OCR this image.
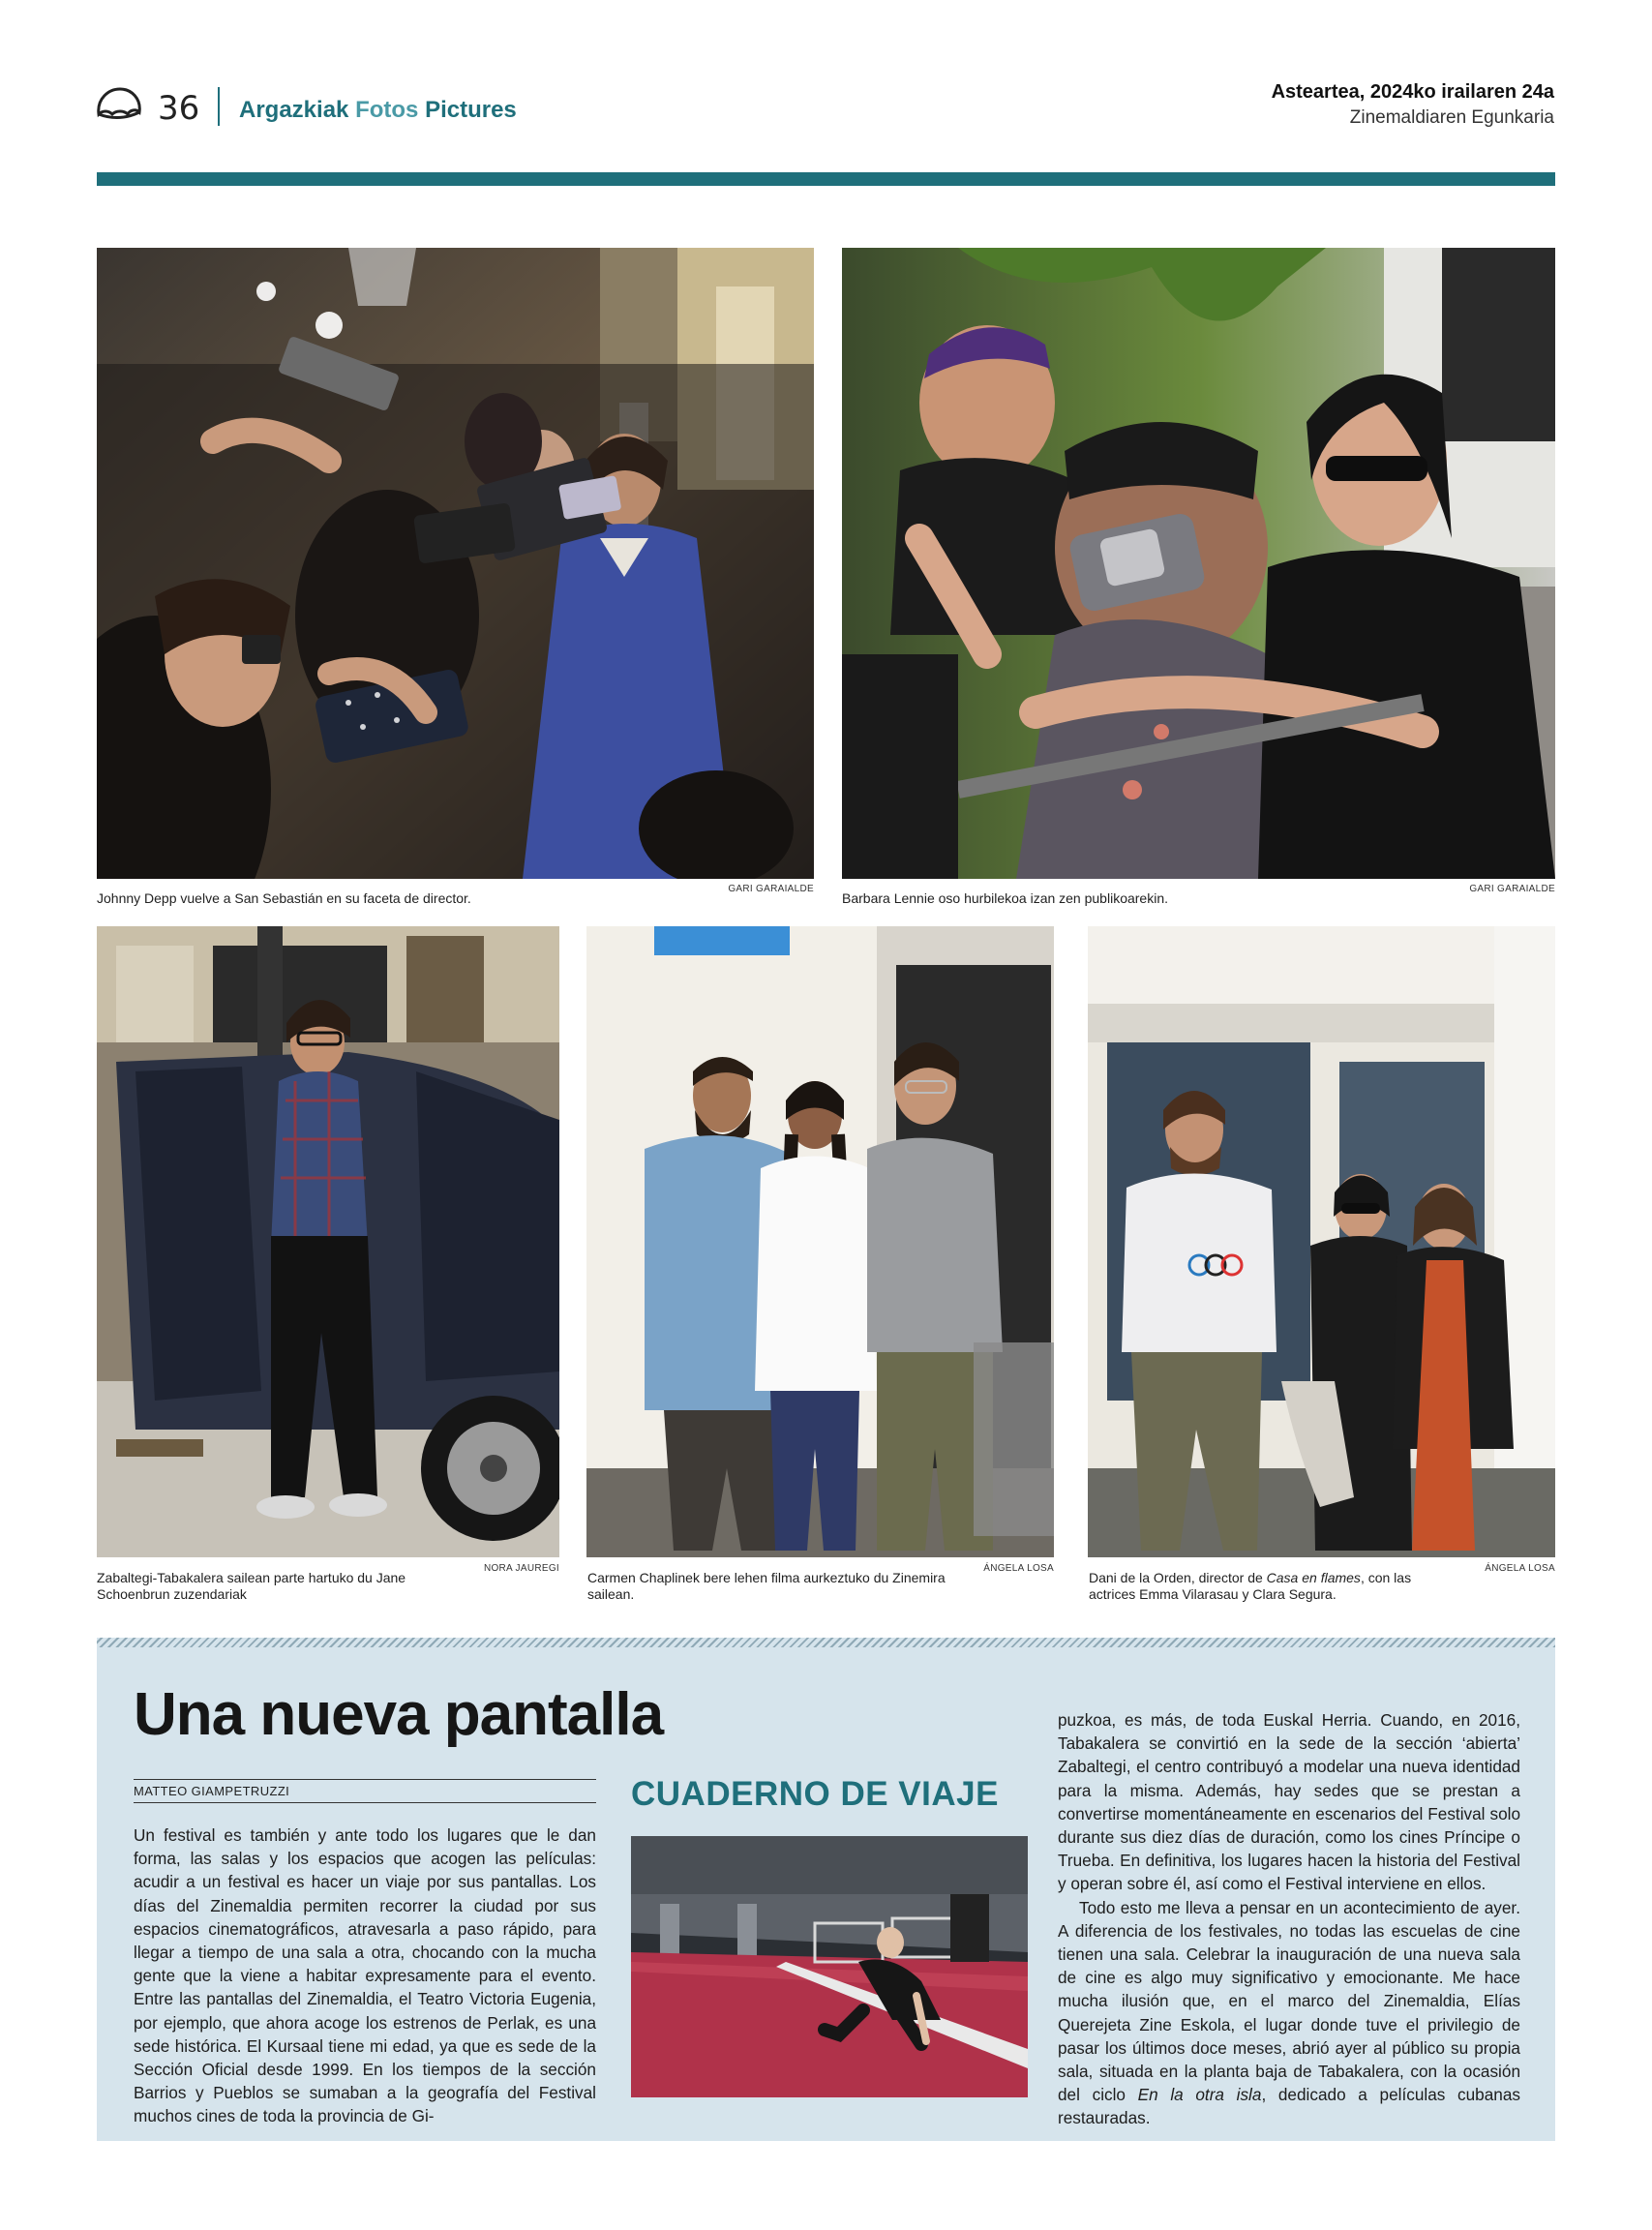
36 Argazkiak Fotos Pictures
Asteartea, 2024ko irailaren 24a
Zinemaldiaren Egunkaria
Johnny Depp vuelve a San Sebastián en su faceta de director.
GARI GARAIALDE
Barbara Lennie oso hurbilekoa izan zen publikoarekin.
GARI GARAIALDE
Zabaltegi-Tabakalera sailean parte hartuko du Jane Schoenbrun zuzendariak
NORA JAUREGI
Carmen Chaplinek bere lehen filma aurkeztuko du Zinemira sailean.
ÁNGELA LOSA
Dani de la Orden, director de Casa en flames, con las actrices Emma Vilarasau y Clara Segura.
ÁNGELA LOSA
Una nueva pantalla
MATTEO GIAMPETRUZZI

Un festival es también y ante todo los lugares que le dan forma, las salas y los espacios que acogen las películas: acudir a un festival es hacer un viaje por sus pantallas. Los días del Zinemaldia permiten recorrer la ciudad por sus espacios cinematográficos, atravesarla a paso rápido, para llegar a tiempo de una sala a otra, chocando con la mucha gente que la viene a habitar expresamente para el evento. Entre las pantallas del Zinemaldia, el Teatro Victoria Eugenia, por ejemplo, que ahora acoge los estrenos de Perlak, es una sede histórica. El Kursaal tiene mi edad, ya que es sede de la Sección Oficial desde 1999. En los tiempos de la sección Barrios y Pueblos se sumaban a la geografía del Festival muchos cines de toda la provincia de Gi-

CUADERNO DE VIAJE

puzkoa, es más, de toda Euskal Herria. Cuando, en 2016, Tabakalera se convirtió en la sede de la sección ‘abierta’ Zabaltegi, el centro contribuyó a modelar una nueva identidad para la misma. Además, hay sedes que se prestan a convertirse momentáneamente en escenarios del Festival solo durante sus diez días de duración, como los cines Príncipe o Trueba. En definitiva, los lugares hacen la historia del Festival y operan sobre él, así como el Festival interviene en ellos.

Todo esto me lleva a pensar en un acontecimiento de ayer. A diferencia de los festivales, no todas las escuelas de cine tienen una sala. Celebrar la inauguración de una nueva sala de cine es algo muy significativo y emocionante. Me hace mucha ilusión que, en el marco del Zinemaldia, Elías Querejeta Zine Eskola, el lugar donde tuve el privilegio de pasar los últimos doce meses, abrió ayer al público su propia sala, situada en la planta baja de Tabakalera, con la ocasión del ciclo En la otra isla, dedicado a películas cubanas restauradas.
